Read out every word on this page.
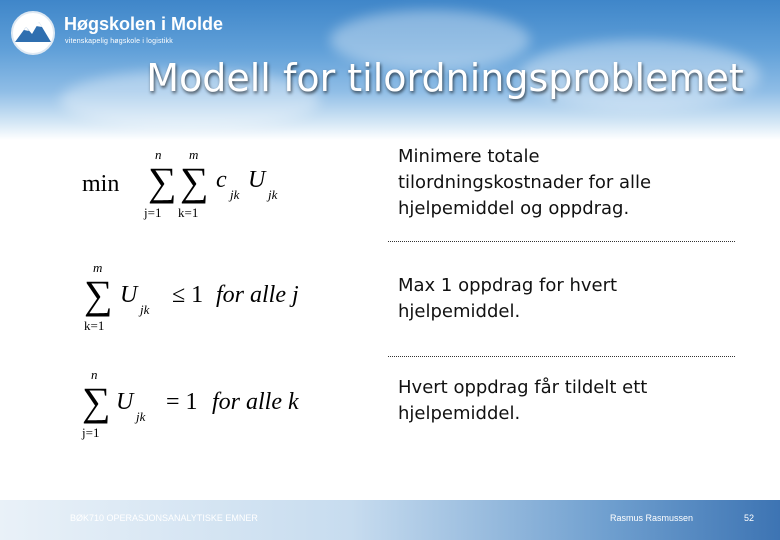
Høgskolen i Molde
vitenskapelig høgskole i logistikk
Modell for tilordningsproblemet
min
n
∑
j=1
m
∑
k=1
c
jk
U
jk
m
∑
k=1
U
jk
≤ 1 for alle j
n
∑
j=1
U
jk
= 1 for alle k
Minimere totale
tilordningskostnader for alle
hjelpemiddel og oppdrag.
Max 1 oppdrag for hvert
hjelpemiddel.
Hvert oppdrag får tildelt ett
hjelpemiddel.
BØK710 OPERASJONSANALYTISKE EMNER	Rasmus Rasmussen	52
